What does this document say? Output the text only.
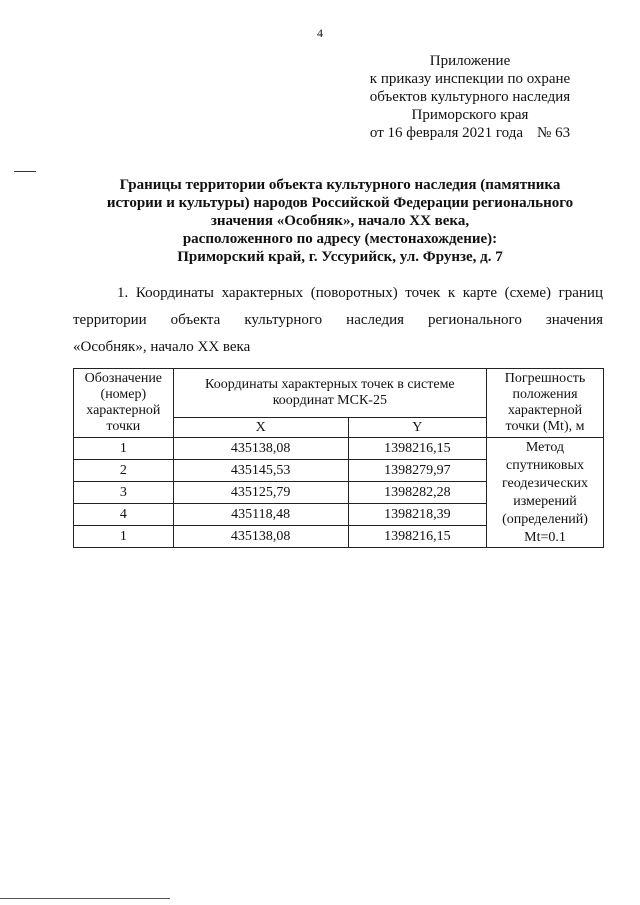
4
Приложение
к приказу инспекции по охране
объектов культурного наследия
Приморского края
от 16 февраля 2021 года № 63
Границы территории объекта культурного наследия (памятника
истории и культуры) народов Российской Федерации регионального
значения «Особняк», начало XX века,
расположенного по адресу (местонахождение):
Приморский край, г. Уссурийск, ул. Фрунзе, д. 7
1. Координаты характерных (поворотных) точек к карте (схеме) границ
территории объекта культурного наследия регионального значения
«Особняк», начало XX века
Обозначение (номер) характерной точки	Координаты характерных точек в системе координат МСК-25		Погрешность положения характерной точки (Mt), м
	X	Y	
1	435138,08	1398216,15	Метод спутниковых геодезических измерений (определений) Mt=0.1
2	435145,53	1398279,97	
3	435125,79	1398282,28	
4	435118,48	1398218,39	
1	435138,08	1398216,15	
